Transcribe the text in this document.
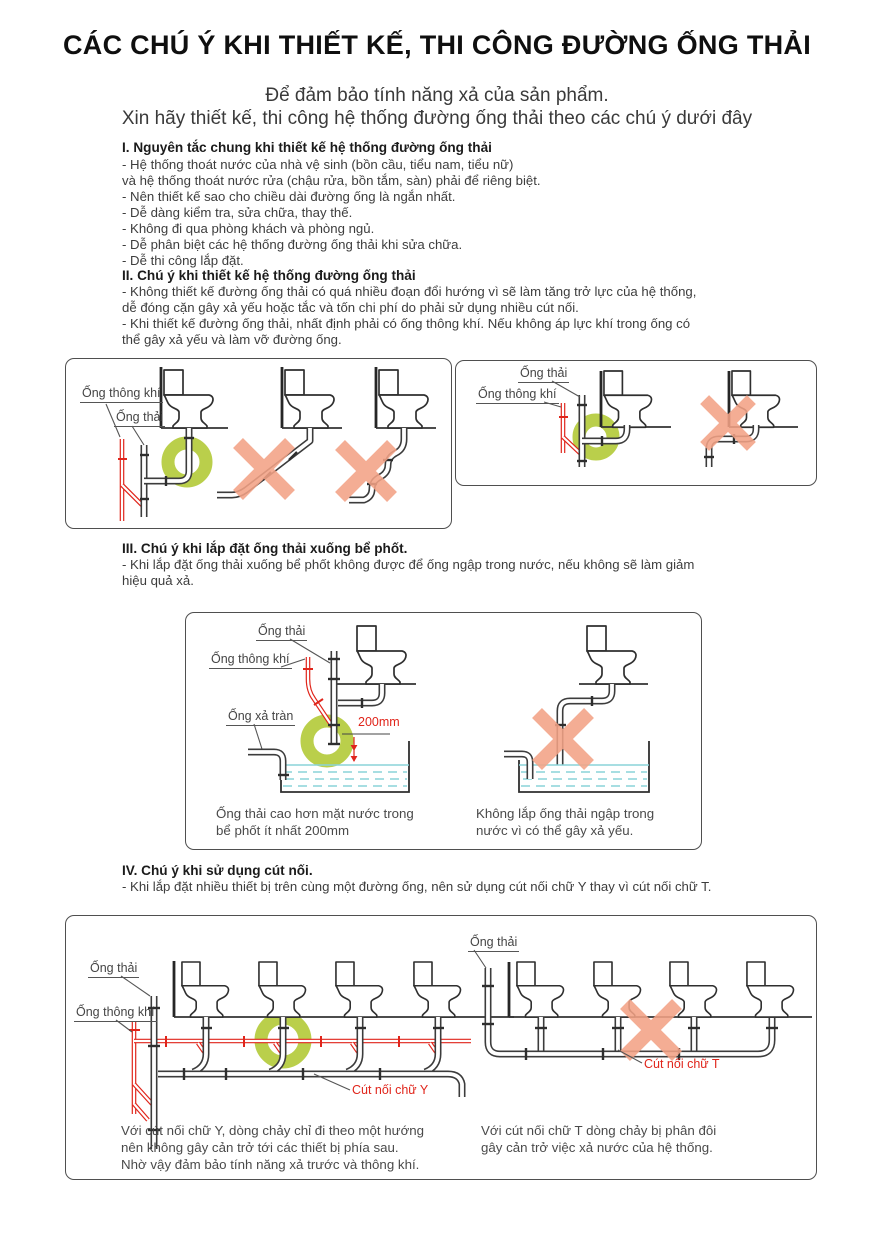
CÁC CHÚ Ý KHI THIẾT KẾ, THI CÔNG ĐƯỜNG ỐNG THẢI
Để đảm bảo tính năng xả của sản phẩm.
Xin hãy thiết kế, thi công hệ thống đường ống thải theo các chú ý dưới đây
I. Nguyên tắc chung khi thiết kế hệ thống đường ống thải
- Hệ thống thoát nước của nhà vệ sinh (bồn cầu, tiểu nam, tiểu nữ)
và hệ thống thoát nước rửa (chậu rửa, bồn tắm, sàn) phải để riêng biệt.
- Nên thiết kế sao cho chiều dài đường ống là ngắn nhất.
- Dễ dàng kiểm tra, sửa chữa, thay thế.
- Không đi qua phòng khách và phòng ngủ.
- Dễ phân biệt các hệ thống đường ống thải khi sửa chữa.
- Dễ thi công lắp đặt.
II. Chú ý khi thiết kế hệ thống đường ống thải
- Không thiết kế đường ống thải có quá nhiều đoạn đổi hướng vì sẽ làm tăng trở lực của hệ thống,
dễ đóng cặn gây xả yếu hoặc tắc và tốn chi phí do phải sử dụng nhiều cút nối.
- Khi thiết kế đường ống thải, nhất định phải có ống thông khí. Nếu không áp lực khí trong ống có
thể gây xả yếu và làm vỡ đường ống.
Ống thông khí
Ống thải
Ống thải
Ống thông khí
III. Chú ý khi lắp đặt ống thải xuống bể phốt.
- Khi lắp đặt ống thải xuống bể phốt không được để ống ngập trong nước, nếu không sẽ làm giảm
hiệu quả xả.
Ống thải
Ống thông khí
Ống xả tràn	200mm
Ống thải cao hơn mặt nước trong
bể phốt ít nhất 200mm
Không lắp ống thải ngập trong
nước vì có thể gây xả yếu.
IV. Chú ý khi sử dụng cút nối.
- Khi lắp đặt nhiều thiết bị trên cùng một đường ống, nên sử dụng cút nối chữ Y thay vì cút nối chữ T.
Ống thải
Ống thông khí
Cút nối chữ Y
Ống thải
Cút nối chữ T
Với cút nối chữ Y, dòng chảy chỉ đi theo một hướng
nên không gây cản trở tới các thiết bị phía sau.
Nhờ vậy đảm bảo tính năng xả trước và thông khí.
Với cút nối chữ T dòng chảy bị phân đôi
gây cản trở việc xả nước của hệ thống.
